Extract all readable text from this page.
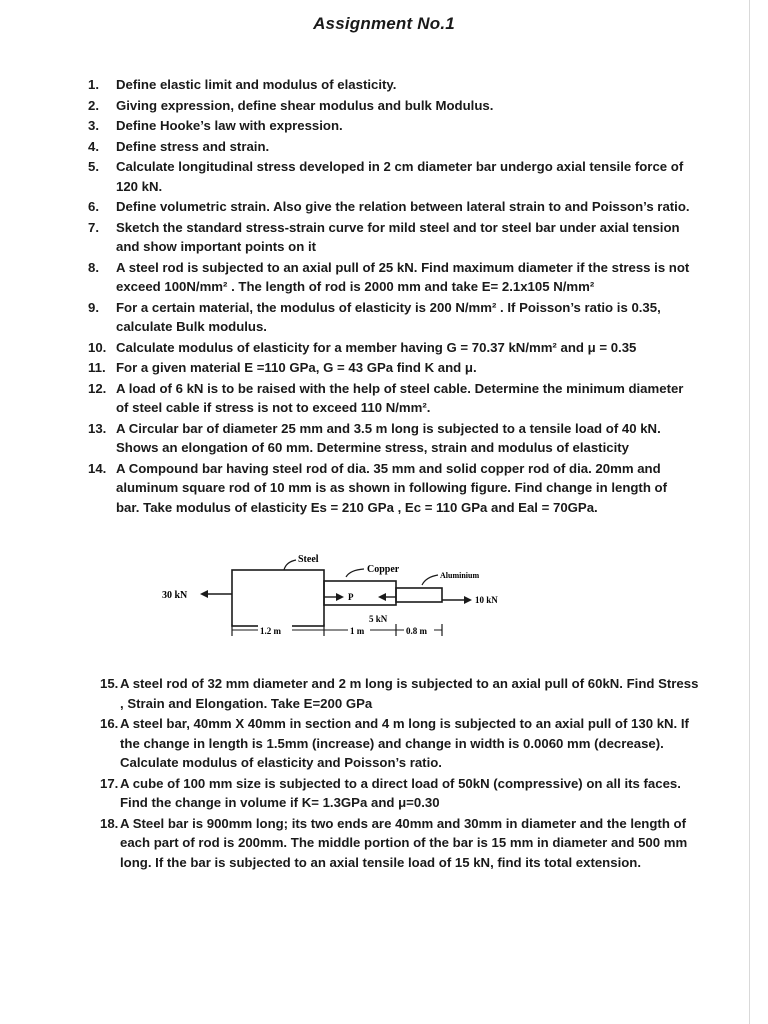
Assignment No.1
1. Define elastic limit and modulus of elasticity.
2. Giving expression, define shear modulus and bulk Modulus.
3. Define Hooke’s law with expression.
4. Define stress and strain.
5. Calculate longitudinal stress developed in 2 cm diameter bar undergo axial tensile force of 120 kN.
6. Define volumetric strain. Also give the relation between lateral strain to and Poisson’s ratio.
7. Sketch the standard stress-strain curve for mild steel and tor steel bar under axial tension and show important points on it
8. A steel rod is subjected to an axial pull of 25 kN. Find maximum diameter if the stress is not exceed 100N/mm² . The length of rod is 2000 mm and take E= 2.1x105 N/mm²
9. For a certain material, the modulus of elasticity is 200 N/mm² . If Poisson’s ratio is 0.35, calculate Bulk modulus.
10. Calculate modulus of elasticity for a member having G = 70.37 kN/mm² and μ = 0.35
11. For a given material E =110 GPa, G = 43 GPa find K and μ.
12. A load of 6 kN is to be raised with the help of steel cable. Determine the minimum diameter of steel cable if stress is not to exceed 110 N/mm².
13. A Circular bar of diameter 25 mm and 3.5 m long is subjected to a tensile load of 40 kN. Shows an elongation of 60 mm. Determine stress, strain and modulus of elasticity
14. A Compound bar having steel rod of dia. 35 mm and solid copper rod of dia. 20mm and aluminum square rod of 10 mm is as shown in following figure. Find change in length of bar. Take modulus of elasticity Es = 210 GPa , Ec = 110 GPa and Eal = 70GPa.
30 kN	P
5 kN
10 kN
Steel
Copper
Aluminium
1.2 m	1 m	0.8 m
15. A steel rod of 32 mm diameter and 2 m long is subjected to an axial pull of 60kN. Find Stress , Strain and Elongation. Take E=200 GPa
16. A steel bar, 40mm X 40mm in section and 4 m long is subjected to an axial pull of 130 kN. If the change in length is 1.5mm (increase) and change in width is 0.0060 mm (decrease). Calculate modulus of elasticity and Poisson’s ratio.
17. A cube of 100 mm size is subjected to a direct load of 50kN (compressive) on all its faces. Find the change in volume if K= 1.3GPa and μ=0.30
18. A Steel bar is 900mm long; its two ends are 40mm and 30mm in diameter and the length of each part of rod is 200mm. The middle portion of the bar is 15 mm in diameter and 500 mm long. If the bar is subjected to an axial tensile load of 15 kN, find its total extension.
